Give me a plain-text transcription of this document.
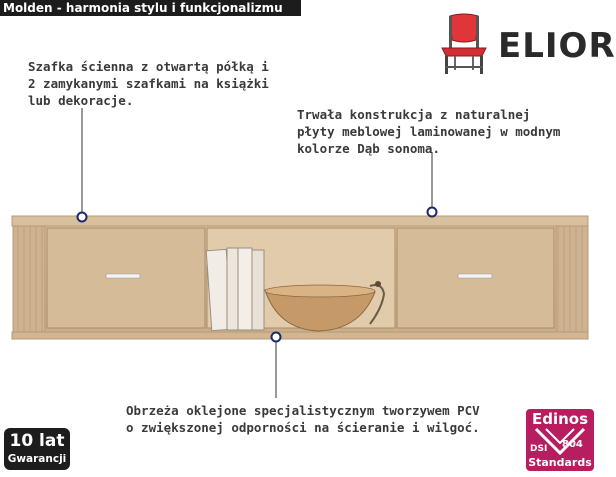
Molden - harmonia stylu i funkcjonalizmu
ELIOR
Szafka ścienna z otwartą półką i 2 zamykanymi szafkami na książki lub dekoracje.
Trwała konstrukcja z naturalnej płyty meblowej laminowanej w modnym kolorze Dąb sonoma.
Obrzeża oklejone specjalistycznym tworzywem PCV o zwiększonej odporności na ścieranie i wilgoć.
10 lat
Gwarancji
Edinos
DSI 804
Standards
